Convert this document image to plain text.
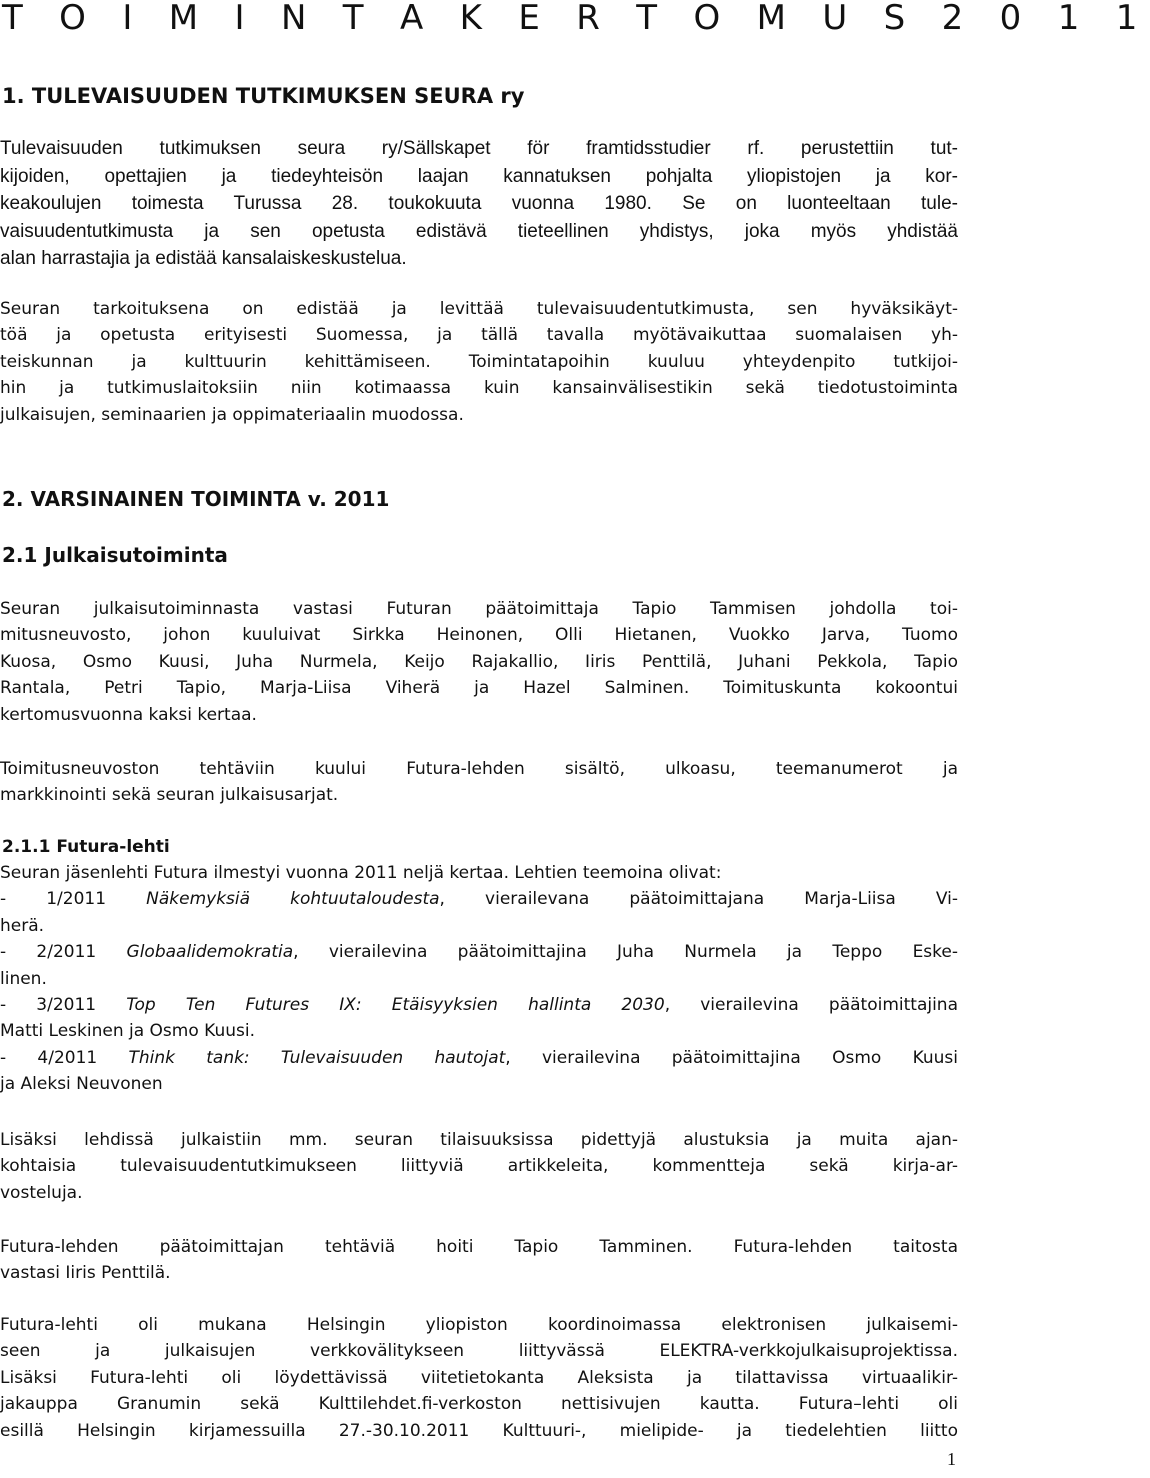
T O I M I N T A K E R T O M U S 2 0 1 1
1. TULEVAISUUDEN TUTKIMUKSEN SEURA ry
Tulevaisuuden tutkimuksen seura ry/Sällskapet för framtidsstudier rf. perustettiin tut-
kijoiden, opettajien ja tiedeyhteisön laajan kannatuksen pohjalta yliopistojen ja kor-
keakoulujen toimesta Turussa 28. toukokuuta vuonna 1980. Se on luonteeltaan tule-
vaisuudentutkimusta ja sen opetusta edistävä tieteellinen yhdistys, joka myös yhdistää
alan harrastajia ja edistää kansalaiskeskustelua.
Seuran tarkoituksena on edistää ja levittää tulevaisuudentutkimusta, sen hyväksikäyt-
töä ja opetusta erityisesti Suomessa, ja tällä tavalla myötävaikuttaa suomalaisen yh-
teiskunnan ja kulttuurin kehittämiseen. Toimintatapoihin kuuluu yhteydenpito tutkijoi-
hin ja tutkimuslaitoksiin niin kotimaassa kuin kansainvälisestikin sekä tiedotustoiminta
julkaisujen, seminaarien ja oppimateriaalin muodossa.
2. VARSINAINEN TOIMINTA v. 2011
2.1 Julkaisutoiminta
Seuran julkaisutoiminnasta vastasi Futuran päätoimittaja Tapio Tammisen johdolla toi-
mitusneuvosto, johon kuuluivat Sirkka Heinonen, Olli Hietanen, Vuokko Jarva, Tuomo
Kuosa, Osmo Kuusi, Juha Nurmela, Keijo Rajakallio, Iiris Penttilä, Juhani Pekkola, Tapio
Rantala, Petri Tapio, Marja-Liisa Viherä ja Hazel Salminen. Toimituskunta kokoontui
kertomusvuonna kaksi kertaa.
Toimitusneuvoston tehtäviin kuului Futura-lehden sisältö, ulkoasu, teemanumerot ja
markkinointi sekä seuran julkaisusarjat.
2.1.1 Futura-lehti
Seuran jäsenlehti Futura ilmestyi vuonna 2011 neljä kertaa. Lehtien teemoina olivat:
- 1/2011 Näkemyksiä kohtuutaloudesta, vierailevana päätoimittajana Marja-Liisa Vi-
herä.
- 2/2011 Globaalidemokratia, vierailevina päätoimittajina Juha Nurmela ja Teppo Eske-
linen.
- 3/2011 Top Ten Futures IX: Etäisyyksien hallinta 2030, vierailevina päätoimittajina
Matti Leskinen ja Osmo Kuusi.
- 4/2011 Think tank: Tulevaisuuden hautojat, vierailevina päätoimittajina Osmo Kuusi
ja Aleksi Neuvonen
Lisäksi lehdissä julkaistiin mm. seuran tilaisuuksissa pidettyjä alustuksia ja muita ajan-
kohtaisia tulevaisuudentutkimukseen liittyviä artikkeleita, kommentteja sekä kirja-ar-
vosteluja.
Futura-lehden päätoimittajan tehtäviä hoiti Tapio Tamminen. Futura-lehden taitosta
vastasi Iiris Penttilä.
Futura-lehti oli mukana Helsingin yliopiston koordinoimassa elektronisen julkaisemi-
seen ja julkaisujen verkkovälitykseen liittyvässä ELEKTRA-verkkojulkaisuprojektissa.
Lisäksi Futura-lehti oli löydettävissä viitetietokanta Aleksista ja tilattavissa virtuaalikir-
jakauppa Granumin sekä Kulttilehdet.fi-verkoston nettisivujen kautta. Futura–lehti oli
esillä Helsingin kirjamessuilla 27.-30.10.2011 Kulttuuri-, mielipide- ja tiedelehtien liitto
1
